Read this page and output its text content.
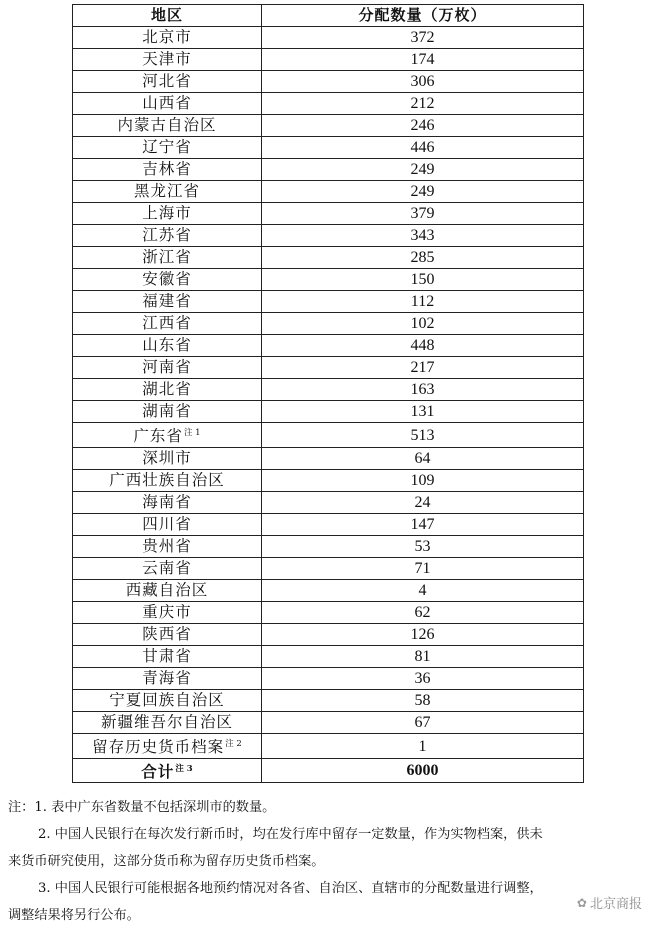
地区	分配数量（万枚）
北京市	372
天津市	174
河北省	306
山西省	212
内蒙古自治区	246
辽宁省	446
吉林省	249
黑龙江省	249
上海市	379
江苏省	343
浙江省	285
安徽省	150
福建省	112
江西省	102
山东省	448
河南省	217
湖北省	163
湖南省	131
广东省$^{注 1}$	513
深圳市	64
广西壮族自治区	109
海南省	24
四川省	147
贵州省	53
云南省	71
西藏自治区	4
重庆市	62
陕西省	126
甘肃省	81
青海省	36
宁夏回族自治区	58
新疆维吾尔自治区	67
留存历史货币档案$^{注 2}$	1
合计$^{注 3}$	6000

注：1. 表中广东省数量不包括深圳市的数量。

2. 中国人民银行在每次发行新币时，均在发行库中留存一定数量，作为实物档案，供未

来货币研究使用，这部分货币称为留存历史货币档案。

3. 中国人民银行可能根据各地预约情况对各省、自治区、直辖市的分配数量进行调整，

调整结果将另行公布。

✿ 北京商报
